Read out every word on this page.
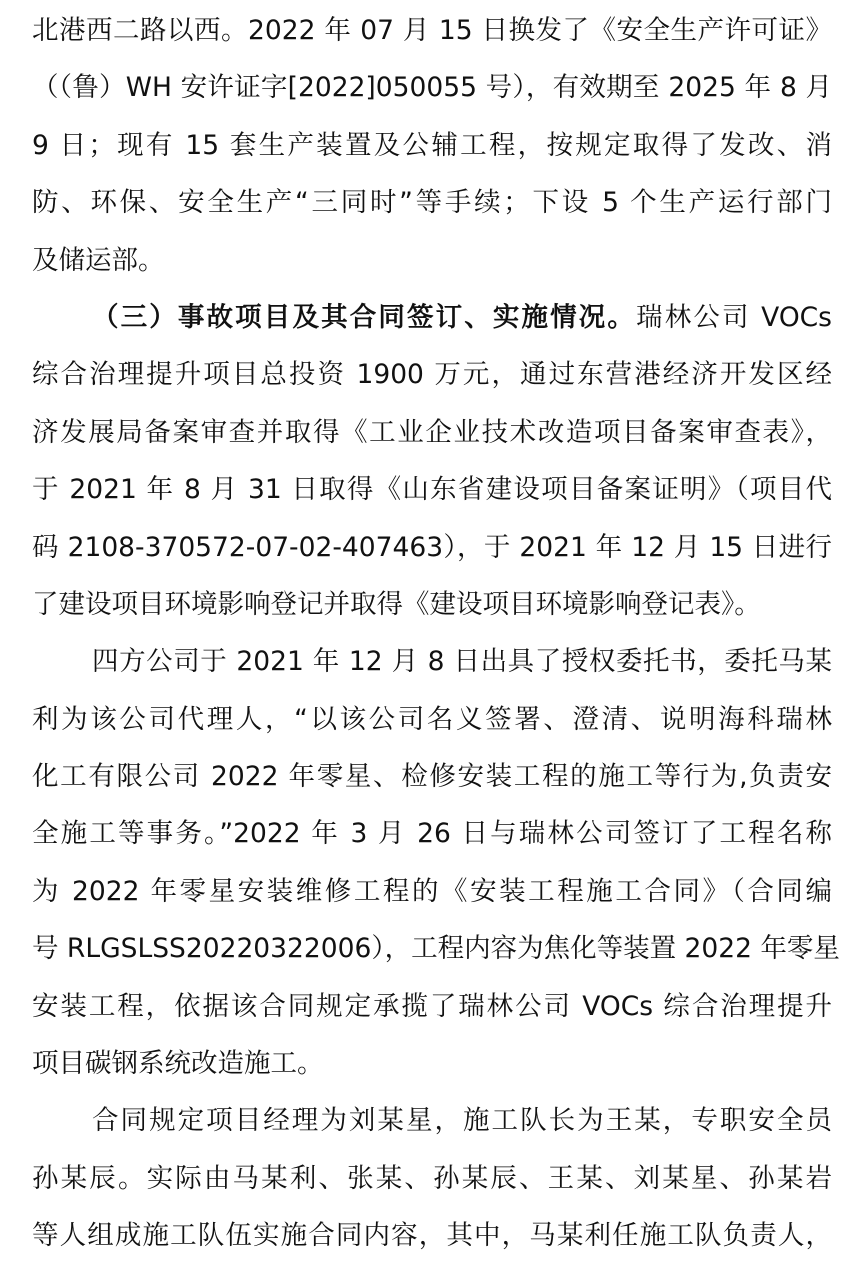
北港西二路以西。2022 年 07 月 15 日换发了《安全生产许可证》
（（鲁）WH 安许证字[2022]050055 号），有效期至 2025 年 8 月
9 日；现有 15 套生产装置及公辅工程，按规定取得了发改、消
防、环保、安全生产“三同时”等手续；下设 5 个生产运行部门
及储运部。
（三）事故项目及其合同签订、实施情况。瑞林公司 VOCs
综合治理提升项目总投资 1900 万元，通过东营港经济开发区经
济发展局备案审查并取得《工业企业技术改造项目备案审查表》，
于 2021 年 8 月 31 日取得《山东省建设项目备案证明》（项目代
码 2108-370572-07-02-407463），于 2021 年 12 月 15 日进行
了建设项目环境影响登记并取得《建设项目环境影响登记表》。
四方公司于 2021 年 12 月 8 日出具了授权委托书，委托马某
利为该公司代理人，“以该公司名义签署、澄清、说明海科瑞林
化工有限公司 2022 年零星、检修安装工程的施工等行为,负责安
全施工等事务。”2022 年 3 月 26 日与瑞林公司签订了工程名称
为 2022 年零星安装维修工程的《安装工程施工合同》（合同编
号 RLGSLSS20220322006），工程内容为焦化等装置 2022 年零星
安装工程，依据该合同规定承揽了瑞林公司 VOCs 综合治理提升
项目碳钢系统改造施工。
合同规定项目经理为刘某星，施工队长为王某，专职安全员
孙某辰。实际由马某利、张某、孙某辰、王某、刘某星、孙某岩
等人组成施工队伍实施合同内容，其中，马某利任施工队负责人，
